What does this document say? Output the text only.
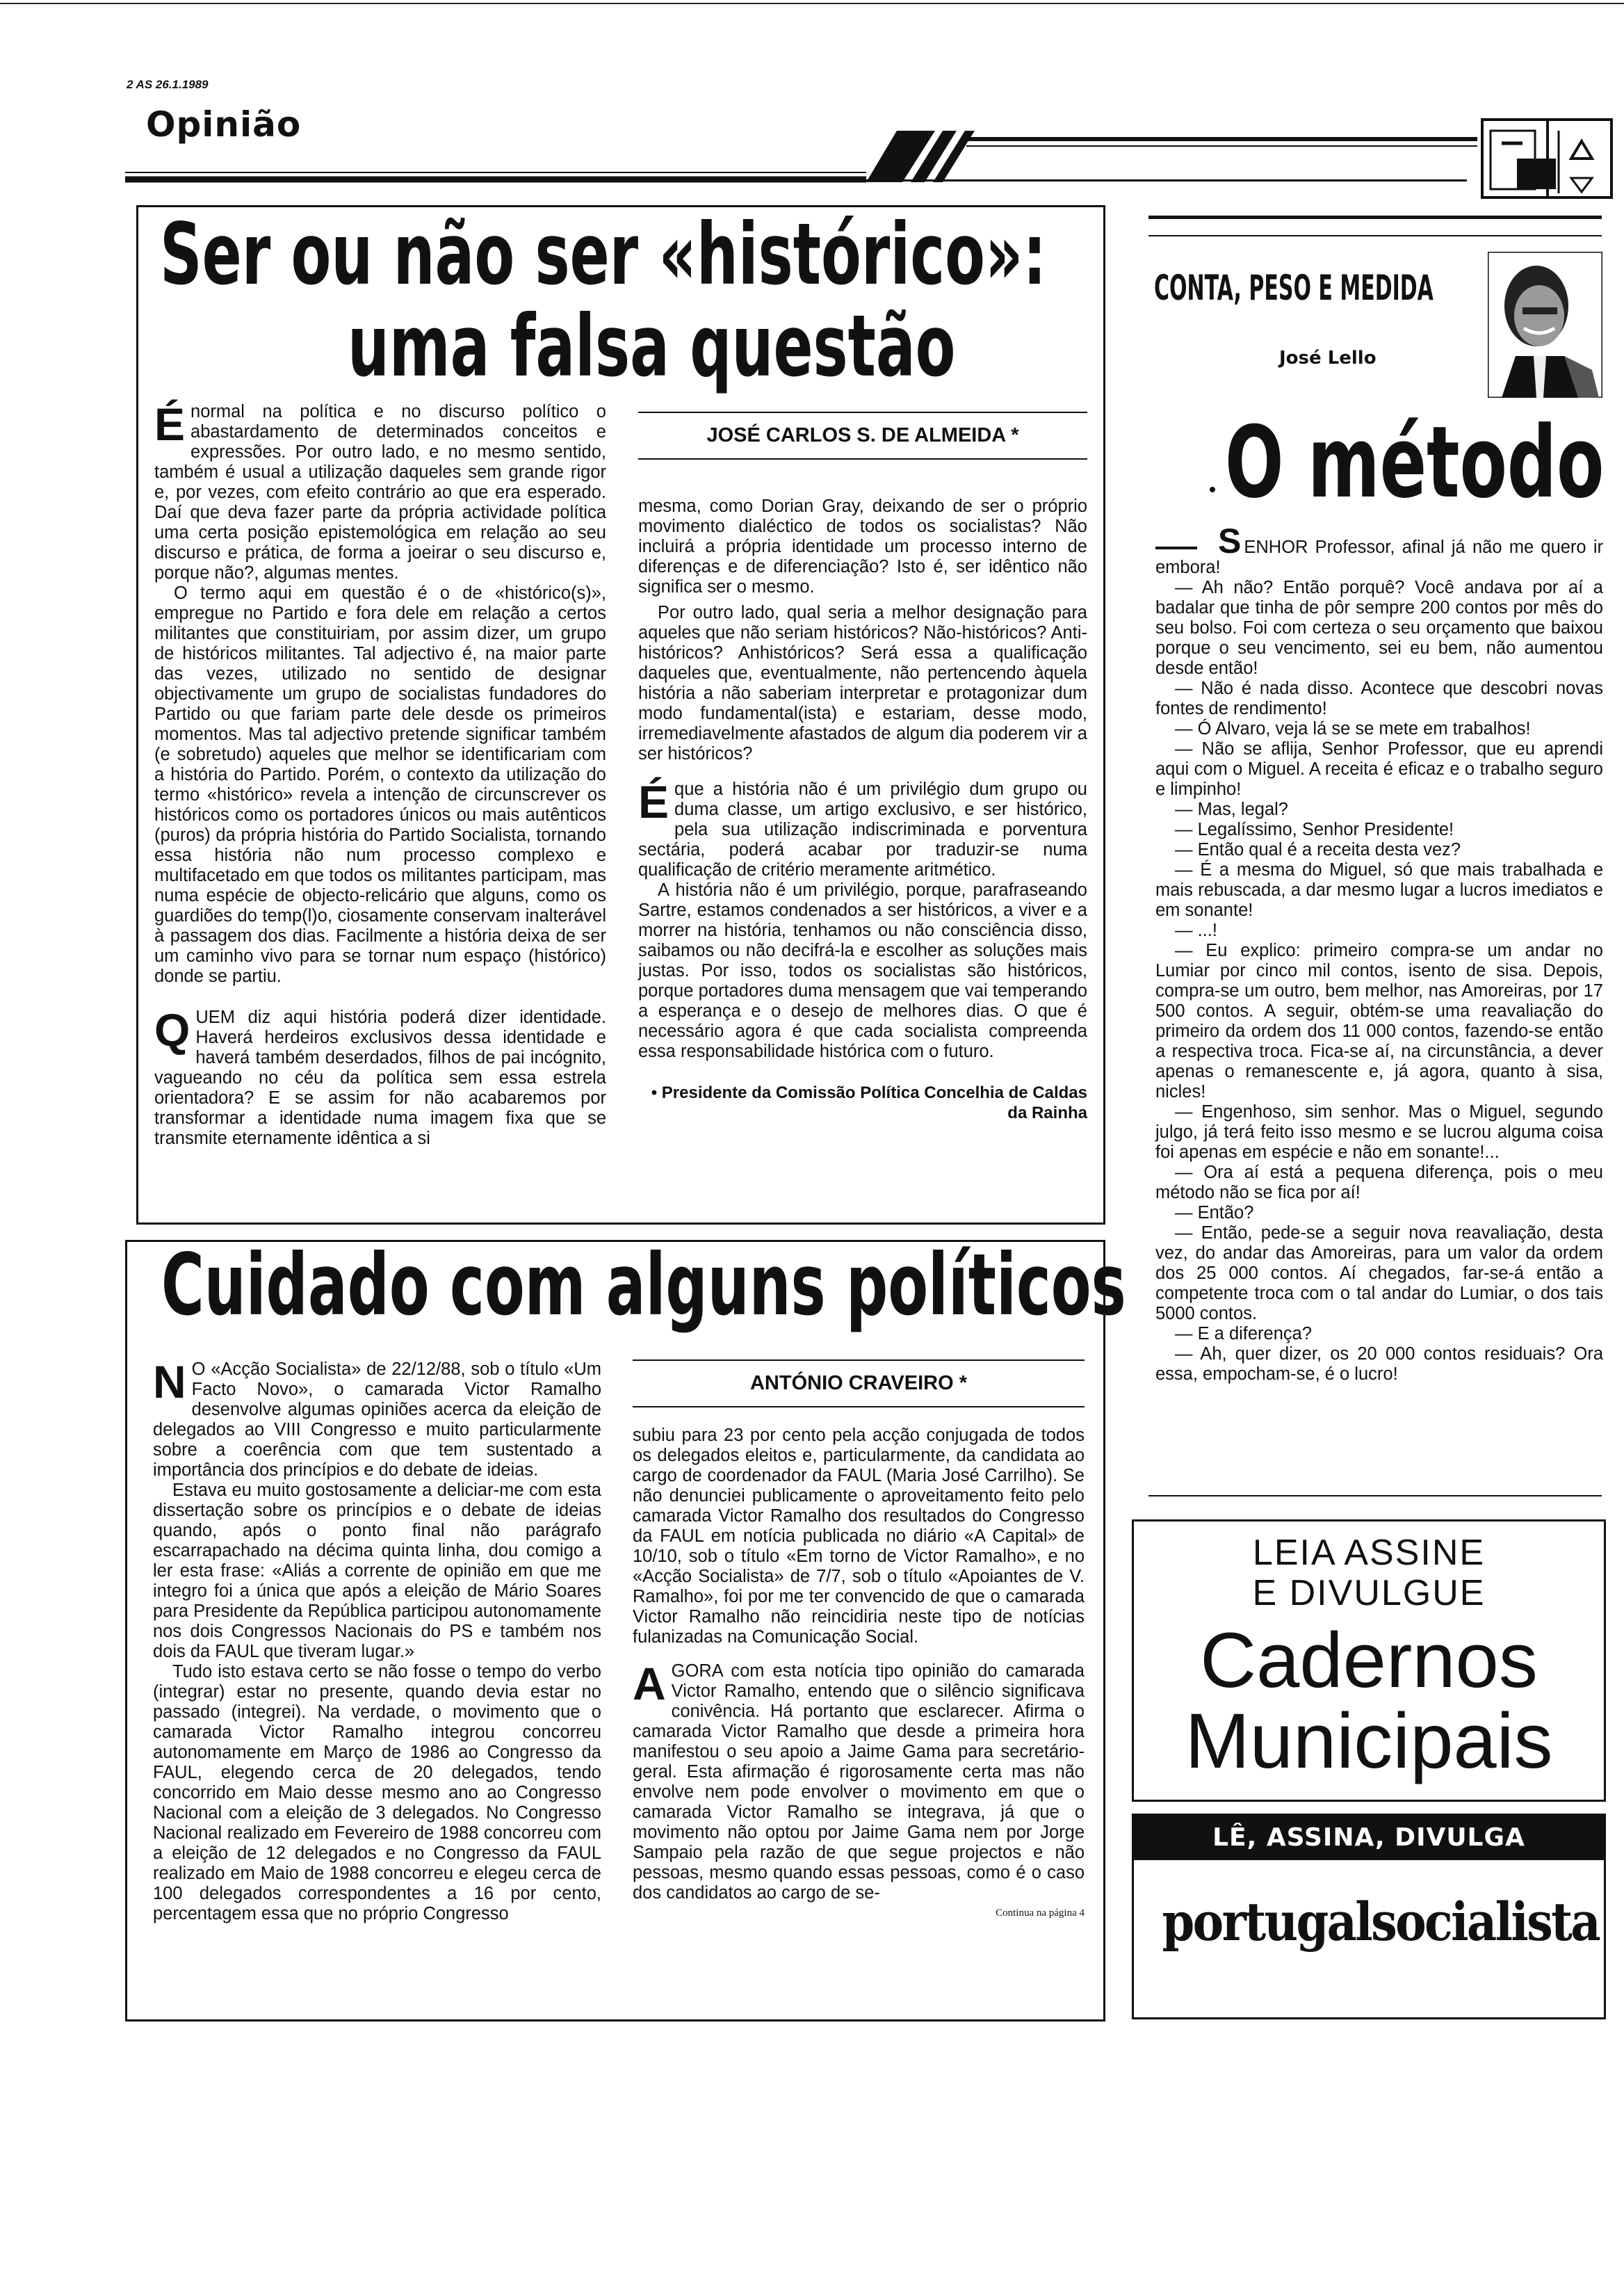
2 AS 26.1.1989
Opinião
Ser ou não ser «histórico»:
uma falsa questão

Énormal na política e no discurso político o abastardamento de determinados conceitos e expressões. Por outro lado, e no mesmo sentido, também é usual a utilização daqueles sem grande rigor e, por vezes, com efeito contrário ao que era esperado. Daí que deva fazer parte da própria actividade política uma certa posição epistemológica em relação ao seu discurso e prática, de forma a joeirar o seu discurso e, porque não?, algumas mentes.

O termo aqui em questão é o de «histórico(s)», empregue no Partido e fora dele em relação a certos militantes que constituiriam, por assim dizer, um grupo de históricos militantes. Tal adjectivo é, na maior parte das vezes, utilizado no sentido de designar objectivamente um grupo de socialistas fundadores do Partido ou que fariam parte dele desde os primeiros momentos. Mas tal adjectivo pretende significar também (e sobretudo) aqueles que melhor se identificariam com a história do Partido. Porém, o contexto da utilização do termo «histórico» revela a intenção de circunscrever os históricos como os portadores únicos ou mais autênticos (puros) da própria história do Partido Socialista, tornando essa história não num processo complexo e multifacetado em que todos os militantes participam, mas numa espécie de objecto-relicário que alguns, como os guardiões do temp(l)o, ciosamente conservam inalterável à passagem dos dias. Facilmente a história deixa de ser um caminho vivo para se tornar num espaço (histórico) donde se partiu.

QUEM diz aqui história poderá dizer identidade. Haverá herdeiros exclusivos dessa identidade e haverá também deserdados, filhos de pai incógnito, vagueando no céu da política sem essa estrela orientadora? E se assim for não acabaremos por transformar a identidade numa imagem fixa que se transmite eternamente idêntica a si

JOSÉ CARLOS S. DE ALMEIDA *

mesma, como Dorian Gray, deixando de ser o próprio movimento dialéctico de todos os socialistas? Não incluirá a própria identidade um processo interno de diferenças e de diferenciação? Isto é, ser idêntico não significa ser o mesmo.

Por outro lado, qual seria a melhor designação para aqueles que não seriam históricos? Não-históricos? Anti-históricos? Anhistóricos? Será essa a qualificação daqueles que, eventualmente, não pertencendo àquela história a não saberiam interpretar e protagonizar dum modo fundamental(ista) e estariam, desse modo, irremediavelmente afastados de algum dia poderem vir a ser históricos?

Éque a história não é um privilégio dum grupo ou duma classe, um artigo exclusivo, e ser histórico, pela sua utilização indiscriminada e porventura sectária, poderá acabar por traduzir-se numa qualificação de critério meramente aritmético.

A história não é um privilégio, porque, parafraseando Sartre, estamos condenados a ser históricos, a viver e a morrer na história, tenhamos ou não consciência disso, saibamos ou não decifrá-la e escolher as soluções mais justas. Por isso, todos os socialistas são históricos, porque portadores duma mensagem que vai temperando a esperança e o desejo de melhores dias. O que é necessário agora é que cada socialista compreenda essa responsabilidade histórica com o futuro.

• Presidente da Comissão Política Concelhia de Caldas da Rainha
Cuidado com alguns políticos

N O «Acção Socialista» de 22/12/88, sob o título «Um Facto Novo», o camarada Victor Ramalho desenvolve algumas opiniões acerca da eleição de delegados ao VIII Congresso e muito particularmente sobre a coerência com que tem sustentado a importância dos princípios e do debate de ideias.

Estava eu muito gostosamente a deliciar-me com esta dissertação sobre os princípios e o debate de ideias quando, após o ponto final não parágrafo escarrapachado na décima quinta linha, dou comigo a ler esta frase: «Aliás a corrente de opinião em que me integro foi a única que após a eleição de Mário Soares para Presidente da República participou autonomamente nos dois Congressos Nacionais do PS e também nos dois da FAUL que tiveram lugar.»

Tudo isto estava certo se não fosse o tempo do verbo (integrar) estar no presente, quando devia estar no passado (integrei). Na verdade, o movimento que o camarada Victor Ramalho integrou concorreu autonomamente em Março de 1986 ao Congresso da FAUL, elegendo cerca de 20 delegados, tendo concorrido em Maio desse mesmo ano ao Congresso Nacional com a eleição de 3 delegados. No Congresso Nacional realizado em Fevereiro de 1988 concorreu com a eleição de 12 delegados e no Congresso da FAUL realizado em Maio de 1988 concorreu e elegeu cerca de 100 delegados correspondentes a 16 por cento, percentagem essa que no próprio Congresso

ANTÓNIO CRAVEIRO *

subiu para 23 por cento pela acção conjugada de todos os delegados eleitos e, particularmente, da candidata ao cargo de coordenador da FAUL (Maria José Carrilho). Se não denunciei publicamente o aproveitamento feito pelo camarada Victor Ramalho dos resultados do Congresso da FAUL em notícia publicada no diário «A Capital» de 10/10, sob o título «Em torno de Victor Ramalho», e no «Acção Socialista» de 7/7, sob o título «Apoiantes de V. Ramalho», foi por me ter convencido de que o camarada Victor Ramalho não reincidiria neste tipo de notícias fulanizadas na Comunicação Social.

AGORA com esta notícia tipo opinião do camarada Victor Ramalho, entendo que o silêncio significava conivência. Há portanto que esclarecer. Afirma o camarada Victor Ramalho que desde a primeira hora manifestou o seu apoio a Jaime Gama para secretário-geral. Esta afirmação é rigorosamente certa mas não envolve nem pode envolver o movimento em que o camarada Victor Ramalho se integrava, já que o movimento não optou por Jaime Gama nem por Jorge Sampaio pela razão de que segue projectos e não pessoas, mesmo quando essas pessoas, como é o caso dos candidatos ao cargo de se-

Continua na página 4
CONTA, PESO E MEDIDA
José Lello
O método

SENHOR Professor, afinal já não me quero ir embora!

— Ah não? Então porquê? Você andava por aí a badalar que tinha de pôr sempre 200 contos por mês do seu bolso. Foi com certeza o seu orçamento que baixou porque o seu vencimento, sei eu bem, não aumentou desde então!

— Não é nada disso. Acontece que descobri novas fontes de rendimento!

— Ó Alvaro, veja lá se se mete em trabalhos!

— Não se aflija, Senhor Professor, que eu aprendi aqui com o Miguel. A receita é eficaz e o trabalho seguro e limpinho!

— Mas, legal?

— Legalíssimo, Senhor Presidente!

— Então qual é a receita desta vez?

— É a mesma do Miguel, só que mais trabalhada e mais rebuscada, a dar mesmo lugar a lucros imediatos e em sonante!

— ...!

— Eu explico: primeiro compra-se um andar no Lumiar por cinco mil contos, isento de sisa. Depois, compra-se um outro, bem melhor, nas Amoreiras, por 17 500 contos. A seguir, obtém-se uma reavaliação do primeiro da ordem dos 11 000 contos, fazendo-se então a respectiva troca. Fica-se aí, na circunstância, a dever apenas o remanescente e, já agora, quanto à sisa, nicles!

— Engenhoso, sim senhor. Mas o Miguel, segundo julgo, já terá feito isso mesmo e se lucrou alguma coisa foi apenas em espécie e não em sonante!...

— Ora aí está a pequena diferença, pois o meu método não se fica por aí!

— Então?

— Então, pede-se a seguir nova reavaliação, desta vez, do andar das Amoreiras, para um valor da ordem dos 25 000 contos. Aí chegados, far-se-á então a competente troca com o tal andar do Lumiar, o dos tais 5000 contos.

— E a diferença?

— Ah, quer dizer, os 20 000 contos residuais? Ora essa, empocham-se, é o lucro!

LEIA ASSINE
E DIVULGUE
Cadernos
Municipais
LÊ, ASSINA, DIVULGA
portugalsocialista
